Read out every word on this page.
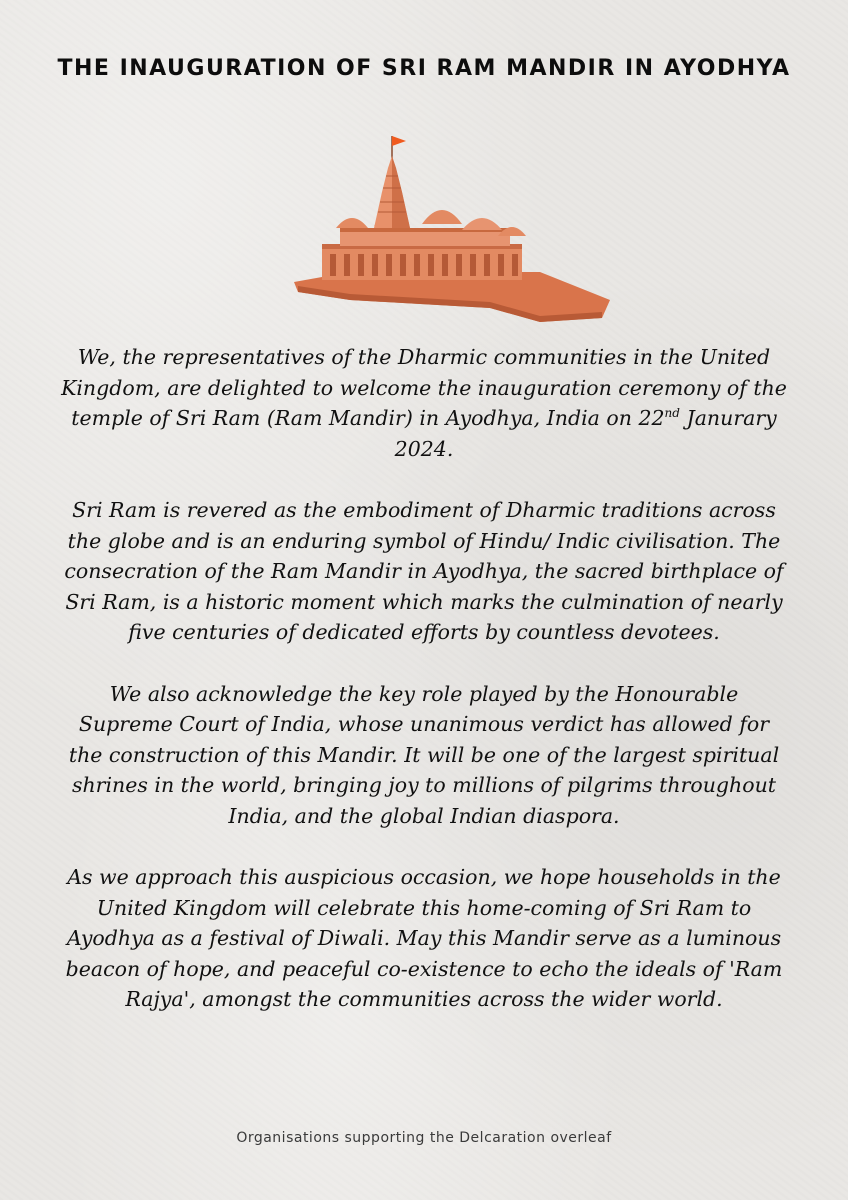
THE INAUGURATION OF SRI RAM MANDIR IN AYODHYA

We, the representatives of the Dharmic communities in the United Kingdom, are delighted to welcome the inauguration ceremony of the temple of Sri Ram (Ram Mandir) in Ayodhya, India on 22nd Janurary 2024.

Sri Ram is revered as the embodiment of Dharmic traditions across the globe and is an enduring symbol of Hindu/ Indic civilisation. The consecration of the Ram Mandir in Ayodhya, the sacred birthplace of Sri Ram, is a historic moment which marks the culmination of nearly five centuries of dedicated efforts by countless devotees.

We also acknowledge the key role played by the Honourable Supreme Court of India, whose unanimous verdict has allowed for the construction of this Mandir. It will be one of the largest spiritual shrines in the world, bringing joy to millions of pilgrims throughout India, and the global Indian diaspora.

As we approach this auspicious occasion, we hope households in the United Kingdom will celebrate this home-coming of Sri Ram to Ayodhya as a festival of Diwali. May this Mandir serve as a luminous beacon of hope, and peaceful co-existence to echo the ideals of 'Ram Rajya', amongst the communities across the wider world.

Organisations supporting the Delcaration overleaf
